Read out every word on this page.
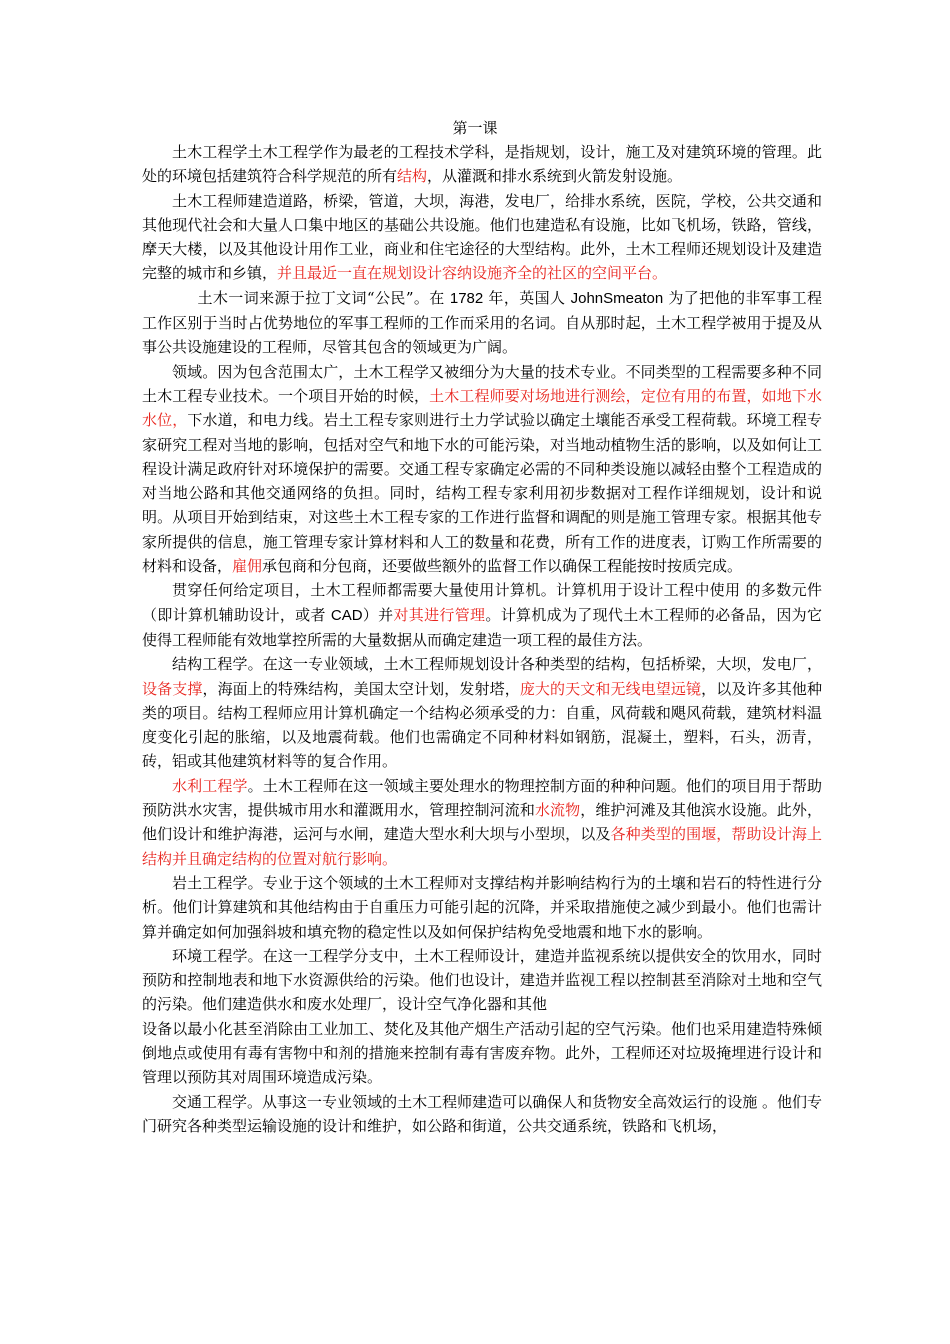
第一课

土木工程学土木工程学作为最老的工程技术学科，是指规划，设计，施工及对建筑环境的管理。此处的环境包括建筑符合科学规范的所有结构，从灌溉和排水系统到火箭发射设施。

土木工程师建造道路，桥梁，管道，大坝，海港，发电厂，给排水系统，医院，学校，公共交通和其他现代社会和大量人口集中地区的基础公共设施。他们也建造私有设施，比如飞机场，铁路，管线，摩天大楼，以及其他设计用作工业，商业和住宅途径的大型结构。此外，土木工程师还规划设计及建造完整的城市和乡镇，并且最近一直在规划设计容纳设施齐全的社区的空间平台。

土木一词来源于拉丁文词“公民”。在 1782 年，英国人 JohnSmeaton 为了把他的非军事工程工作区别于当时占优势地位的军事工程师的工作而采用的名词。自从那时起，土木工程学被用于提及从事公共设施建设的工程师，尽管其包含的领域更为广阔。

领域。因为包含范围太广，土木工程学又被细分为大量的技术专业。不同类型的工程需要多种不同土木工程专业技术。一个项目开始的时候，土木工程师要对场地进行测绘，定位有用的布置，如地下水水位，下水道，和电力线。岩土工程专家则进行土力学试验以确定土壤能否承受工程荷载。环境工程专家研究工程对当地的影响，包括对空气和地下水的可能污染，对当地动植物生活的影响，以及如何让工程设计满足政府针对环境保护的需要。交通工程专家确定必需的不同种类设施以减轻由整个工程造成的对当地公路和其他交通网络的负担。同时，结构工程专家利用初步数据对工程作详细规划，设计和说明。从项目开始到结束，对这些土木工程专家的工作进行监督和调配的则是施工管理专家。根据其他专家所提供的信息，施工管理专家计算材料和人工的数量和花费，所有工作的进度表，订购工作所需要的材料和设备，雇佣承包商和分包商，还要做些额外的监督工作以确保工程能按时按质完成。

贯穿任何给定项目，土木工程师都需要大量使用计算机。计算机用于设计工程中使用 的多数元件（即计算机辅助设计，或者 CAD）并对其进行管理。计算机成为了现代土木工程师的必备品，因为它使得工程师能有效地掌控所需的大量数据从而确定建造一项工程的最佳方法。

结构工程学。在这一专业领域，土木工程师规划设计各种类型的结构，包括桥梁，大坝，发电厂，设备支撑，海面上的特殊结构，美国太空计划，发射塔，庞大的天文和无线电望远镜，以及许多其他种类的项目。结构工程师应用计算机确定一个结构必须承受的力：自重，风荷载和飓风荷载，建筑材料温度变化引起的胀缩，以及地震荷载。他们也需确定不同种材料如钢筋，混凝土，塑料，石头，沥青，砖，铝或其他建筑材料等的复合作用。

水利工程学。土木工程师在这一领域主要处理水的物理控制方面的种种问题。他们的项目用于帮助预防洪水灾害，提供城市用水和灌溉用水，管理控制河流和水流物，维护河滩及其他滨水设施。此外，他们设计和维护海港，运河与水闸，建造大型水利大坝与小型坝，以及各种类型的围堰，帮助设计海上结构并且确定结构的位置对航行影响。

岩土工程学。专业于这个领域的土木工程师对支撑结构并影响结构行为的土壤和岩石的特性进行分析。他们计算建筑和其他结构由于自重压力可能引起的沉降，并采取措施使之减少到最小。他们也需计算并确定如何加强斜坡和填充物的稳定性以及如何保护结构免受地震和地下水的影响。

环境工程学。在这一工程学分支中，土木工程师设计，建造并监视系统以提供安全的饮用水，同时预防和控制地表和地下水资源供给的污染。他们也设计，建造并监视工程以控制甚至消除对土地和空气的污染。他们建造供水和废水处理厂，设计空气净化器和其他
设备以最小化甚至消除由工业加工、焚化及其他产烟生产活动引起的空气污染。他们也采用建造特殊倾倒地点或使用有毒有害物中和剂的措施来控制有毒有害废弃物。此外，工程师还对垃圾掩埋进行设计和管理以预防其对周围环境造成污染。

交通工程学。从事这一专业领域的土木工程师建造可以确保人和货物安全高效运行的设施 。他们专门研究各种类型运输设施的设计和维护，如公路和街道，公共交通系统，铁路和飞机场，
